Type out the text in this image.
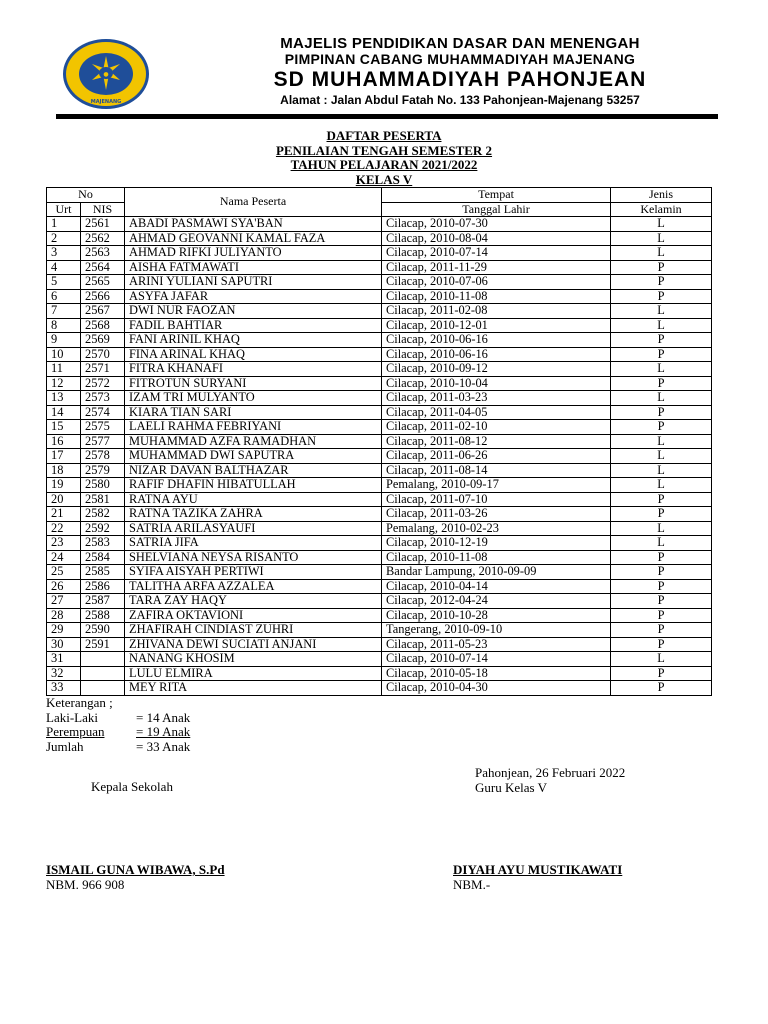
●
MAJENANG
MAJELIS PENDIDIKAN DASAR DAN MENENGAH
PIMPINAN CABANG MUHAMMADIYAH MAJENANG
SD MUHAMMADIYAH PAHONJEAN
Alamat : Jalan Abdul Fatah No. 133 Pahonjean-Majenang 53257
DAFTAR PESERTA
PENILAIAN TENGAH SEMESTER 2
TAHUN PELAJARAN 2021/2022
KELAS V
No		Nama Peserta	Tempat	Jenis
Urt	NIS		Tanggal Lahir	Kelamin
1	2561	ABADI PASMAWI SYA'BAN	Cilacap, 2010-07-30	L
2	2562	AHMAD GEOVANNI KAMAL FAZA	Cilacap, 2010-08-04	L
3	2563	AHMAD RIFKI JULIYANTO	Cilacap, 2010-07-14	L
4	2564	AISHA FATMAWATI	Cilacap, 2011-11-29	P
5	2565	ARINI YULIANI SAPUTRI	Cilacap, 2010-07-06	P
6	2566	ASYFA JAFAR	Cilacap, 2010-11-08	P
7	2567	DWI NUR FAOZAN	Cilacap, 2011-02-08	L
8	2568	FADIL BAHTIAR	Cilacap, 2010-12-01	L
9	2569	FANI ARINIL KHAQ	Cilacap, 2010-06-16	P
10	2570	FINA ARINAL KHAQ	Cilacap, 2010-06-16	P
11	2571	FITRA KHANAFI	Cilacap, 2010-09-12	L
12	2572	FITROTUN SURYANI	Cilacap, 2010-10-04	P
13	2573	IZAM TRI MULYANTO	Cilacap, 2011-03-23	L
14	2574	KIARA TIAN SARI	Cilacap, 2011-04-05	P
15	2575	LAELI RAHMA FEBRIYANI	Cilacap, 2011-02-10	P
16	2577	MUHAMMAD AZFA RAMADHAN	Cilacap, 2011-08-12	L
17	2578	MUHAMMAD DWI SAPUTRA	Cilacap, 2011-06-26	L
18	2579	NIZAR DAVAN BALTHAZAR	Cilacap, 2011-08-14	L
19	2580	RAFIF DHAFIN HIBATULLAH	Pemalang, 2010-09-17	L
20	2581	RATNA AYU	Cilacap, 2011-07-10	P
21	2582	RATNA TAZIKA ZAHRA	Cilacap, 2011-03-26	P
22	2592	SATRIA ARILASYAUFI	Pemalang, 2010-02-23	L
23	2583	SATRIA JIFA	Cilacap, 2010-12-19	L
24	2584	SHELVIANA NEYSA RISANTO	Cilacap, 2010-11-08	P
25	2585	SYIFA AISYAH PERTIWI	Bandar Lampung, 2010-09-09	P
26	2586	TALITHA ARFA AZZALEA	Cilacap, 2010-04-14	P
27	2587	TARA ZAY HAQY	Cilacap, 2012-04-24	P
28	2588	ZAFIRA OKTAVIONI	Cilacap, 2010-10-28	P
29	2590	ZHAFIRAH CINDIAST ZUHRI	Tangerang, 2010-09-10	P
30	2591	ZHIVANA DEWI SUCIATI ANJANI	Cilacap, 2011-05-23	P
31		NANANG KHOSIM	Cilacap, 2010-07-14	L
32		LULU ELMIRA	Cilacap, 2010-05-18	P
33		MEY RITA	Cilacap, 2010-04-30	P
Keterangan ;
Laki-Laki	= 14 Anak
Perempuan	= 19 Anak
Jumlah	= 33 Anak
Pahonjean, 26 Februari 2022
Guru Kelas V
Kepala Sekolah
ISMAIL GUNA WIBAWA, S.Pd
NBM. 966 908
DIYAH AYU MUSTIKAWATI
NBM.-
